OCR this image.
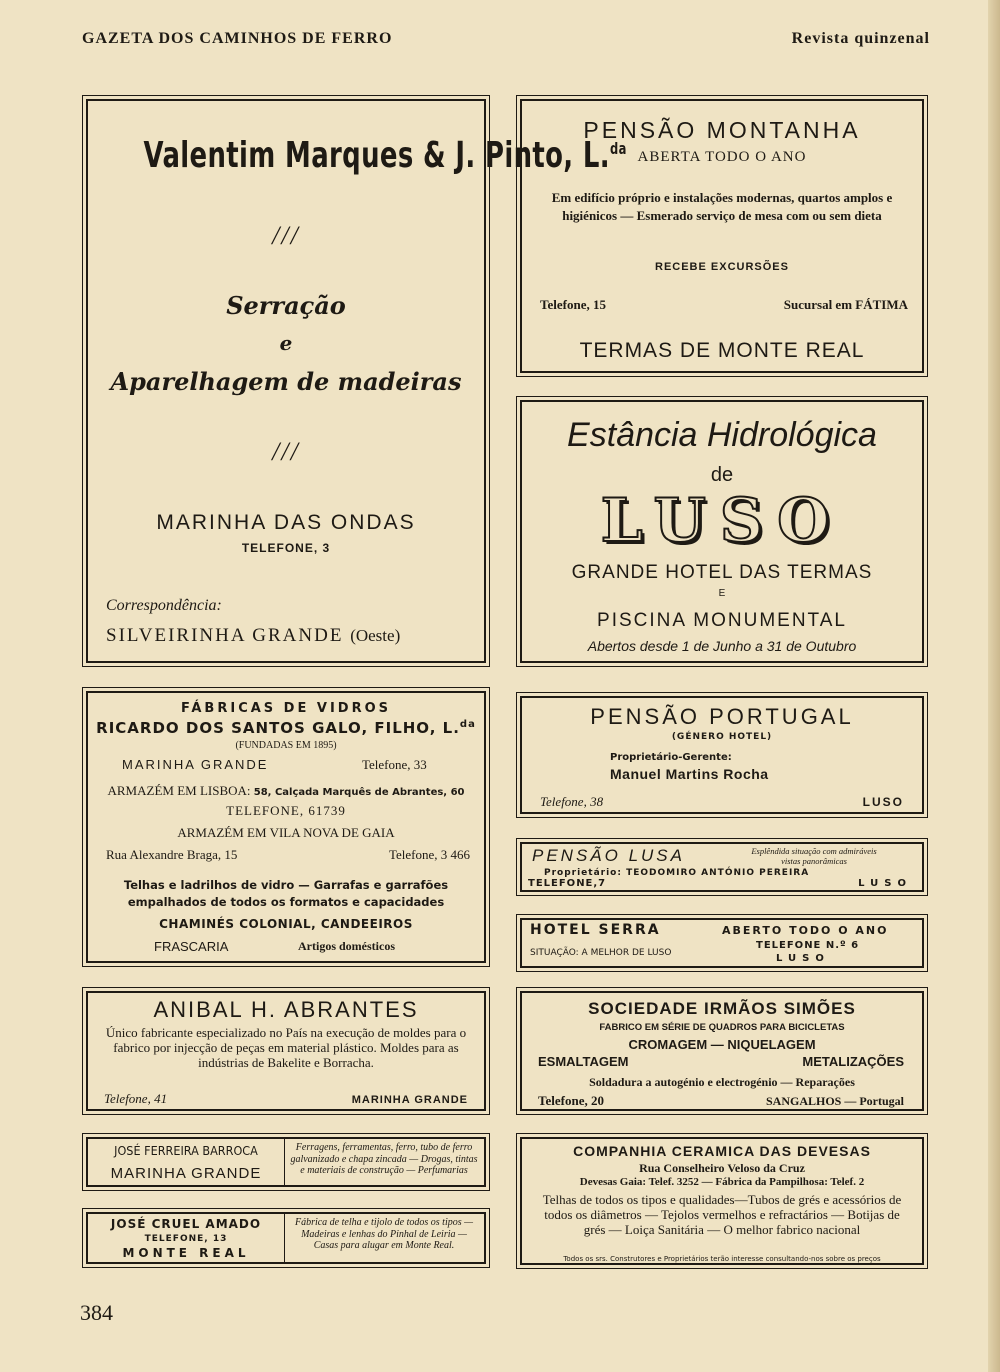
GAZETA DOS CAMINHOS DE FERRO	Revista quinzenal
Valentim Marques & J. Pinto, L.$^{da}$
///
Serração
e
Aparelhagem de madeiras
///
MARINHA DAS ONDAS
TELEFONE, 3
Correspondência:
SILVEIRINHA GRANDE (Oeste)
PENSÃO MONTANHA
ABERTA TODO O ANO
Em edifício próprio e instalações modernas, quartos amplos e higiénicos — Esmerado serviço de mesa com ou sem dieta
RECEBE EXCURSÕES
Telefone, 15	Sucursal em FÁTIMA
TERMAS DE MONTE REAL
Estância Hidrológica
de
LUSO
GRANDE HOTEL DAS TERMAS
E
PISCINA MONUMENTAL
Abertos desde 1 de Junho a 31 de Outubro
FÁBRICAS DE VIDROS
RICARDO DOS SANTOS GALO, FILHO, L.$^{da}$
(FUNDADAS EM 1895)
MARINHA GRANDE	Telefone, 33
ARMAZÉM EM LISBOA: 58, Calçada Marquês de Abrantes, 60
TELEFONE, 61739
ARMAZÉM EM VILA NOVA DE GAIA
Rua Alexandre Braga, 15	Telefone, 3 466
Telhas e ladrilhos de vidro — Garrafas e garrafões
empalhados de todos os formatos e capacidades
CHAMINÉS COLONIAL, CANDEEIROS
FRASCARIA	Artigos domésticos
PENSÃO PORTUGAL
(GÉNERO HOTEL)
Proprietário-Gerente:
Manuel Martins Rocha
Telefone, 38	LUSO
PENSÃO LUSA	Esplêndida situação com admiráveis
vistas panorâmicas
Proprietário: TEODOMIRO ANTÓNIO PEREIRA
TELEFONE,7	LUSO
HOTEL SERRA	ABERTO TODO O ANO
SITUAÇÃO: A MELHOR DE LUSO
TELEFONE N.º 6
LUSO
ANIBAL H. ABRANTES
Único fabricante especializado no País na execução de moldes para o fabrico por injecção de peças em material plástico. Moldes para as indústrias de Bakelite e Borracha.
Telefone, 41	MARINHA GRANDE
SOCIEDADE IRMÃOS SIMÕES
FABRICO EM SÉRIE DE QUADROS PARA BICICLETAS
CROMAGEM — NIQUELAGEM
ESMALTAGEM	METALIZAÇÕES
Soldadura a autogénio e electrogénio — Reparações
Telefone, 20	SANGALHOS — Portugal
JOSÉ FERREIRA BARROCA
MARINHA GRANDE
Ferragens, ferramentas, ferro, tubo de ferro galvanizado e chapa zincada — Drogas, tintas e materiais de construção — Perfumarias
JOSÉ CRUEL AMADO
TELEFONE, 13
MONTE REAL
Fábrica de telha e tijolo de todos os tipos — Madeiras e lenhas do Pinhal de Leiria — Casas para alugar em Monte Real.
COMPANHIA CERAMICA DAS DEVESAS
Rua Conselheiro Veloso da Cruz
Devesas Gaia: Telef. 3252 — Fábrica da Pampilhosa: Telef. 2
Telhas de todos os tipos e qualidades—Tubos de grés e acessórios de todos os diâmetros — Tejolos vermelhos e refractários — Botijas de grés — Loiça Sanitária — O melhor fabrico nacional
Todos os srs. Construtores e Proprietários terão interesse consultando-nos sobre os preços
384
